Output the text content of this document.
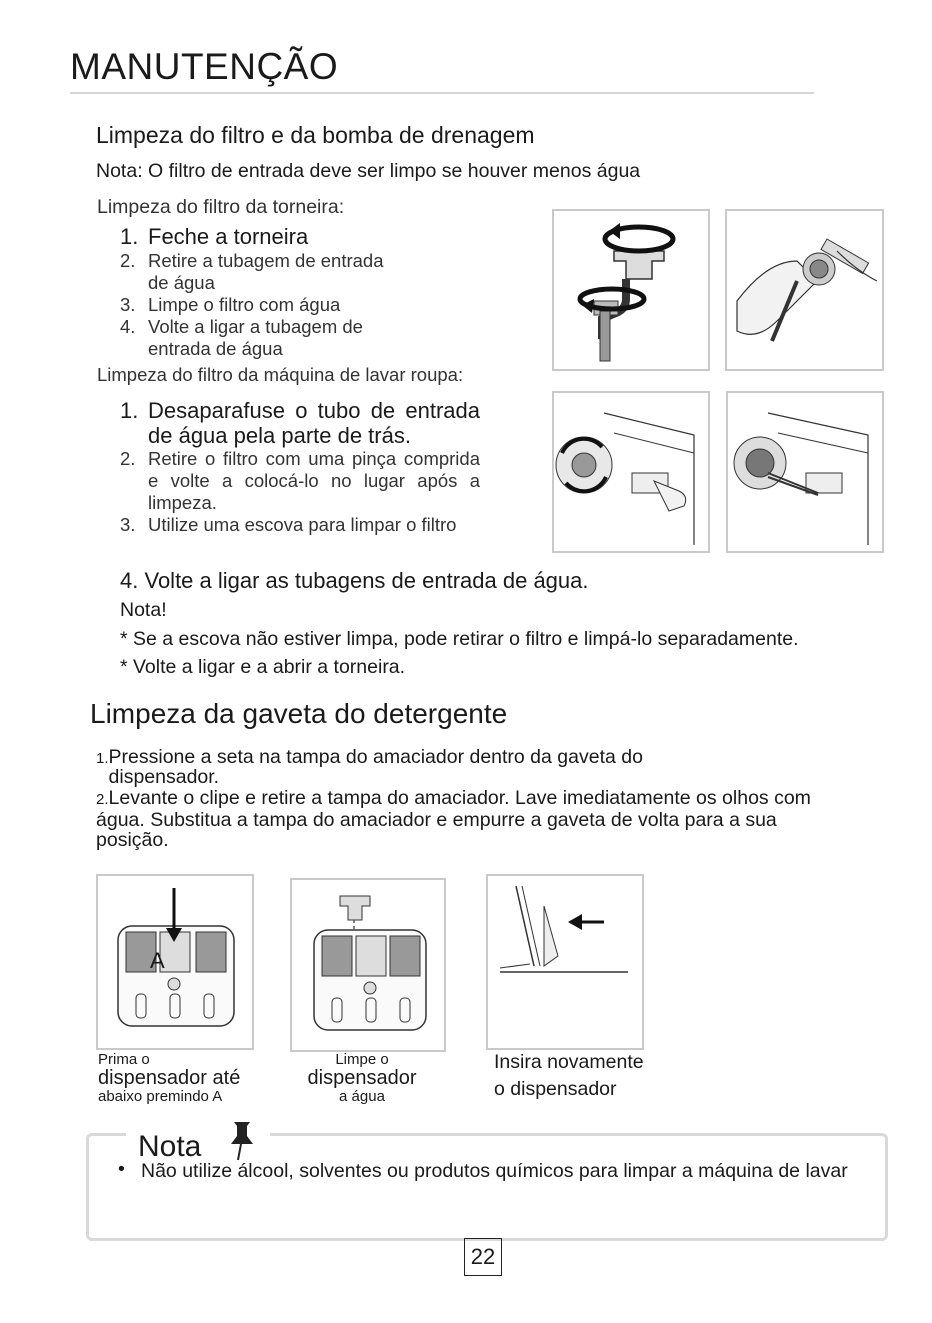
MANUTENÇÃO
Limpeza do filtro e da bomba de drenagem
Nota: O filtro de entrada deve ser limpo se houver menos água
Limpeza do filtro da torneira:
1. Feche a torneira
2. Retire a tubagem de entrada de água
3. Limpe o filtro com água
4. Volte a ligar a tubagem de entrada de água
Limpeza do filtro da máquina de lavar roupa:
1. Desaparafuse o tubo de entrada de água pela parte de trás.
2. Retire o filtro com uma pinça comprida e volte a colocá-lo no lugar após a limpeza.
3. Utilize uma escova para limpar o filtro
4. Volte a ligar as tubagens de entrada de água.
Nota!
* Se a escova não estiver limpa, pode retirar o filtro e limpá-lo separadamente.
* Volte a ligar e a abrir a torneira.
Limpeza da gaveta do detergente
1.Pressione a seta na tampa do amaciador dentro da gaveta do dispensador.
2.Levante o clipe e retire a tampa do amaciador. Lave imediatamente os olhos com água. Substitua a tampa do amaciador e empurre a gaveta de volta para a sua posição.
A
Prima o
dispensador até
abaixo premindo A
Limpe o
dispensador
a água
Insira novamente
o dispensador
Nota
• Não utilize álcool, solventes ou produtos químicos para limpar a máquina de lavar
22
